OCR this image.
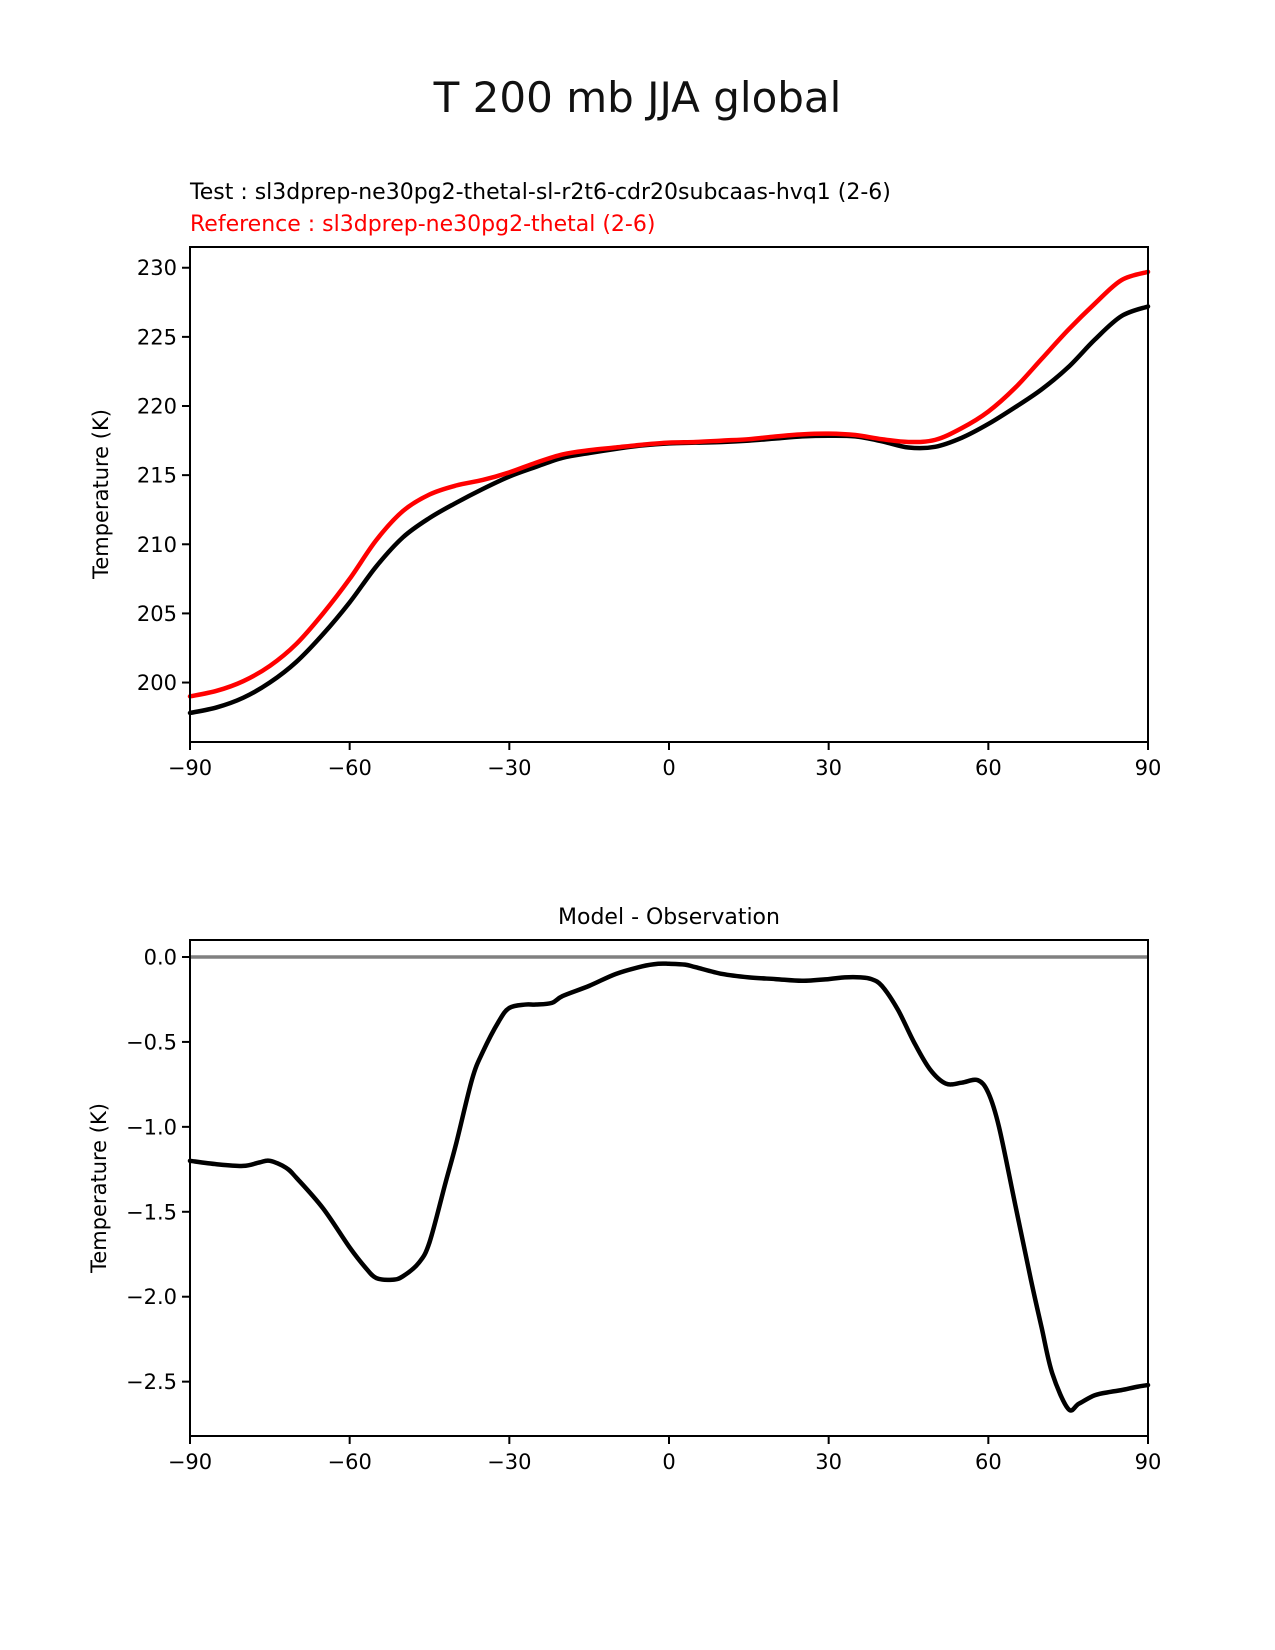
T 200 mb JJA global
Test : sl3dprep-ne30pg2-thetal-sl-r2t6-cdr20subcaas-hvq1 (2-6)
Reference : sl3dprep-ne30pg2-thetal (2-6)
Model - Observation
Temperature (K)
Temperature (K)
−90	−60	−30	0	30	60	90
200
205
210
215
220
225
230
−90	−60	−30	0	30	60	90
0.0
−0.5
−1.0
−1.5
−2.0
−2.5
